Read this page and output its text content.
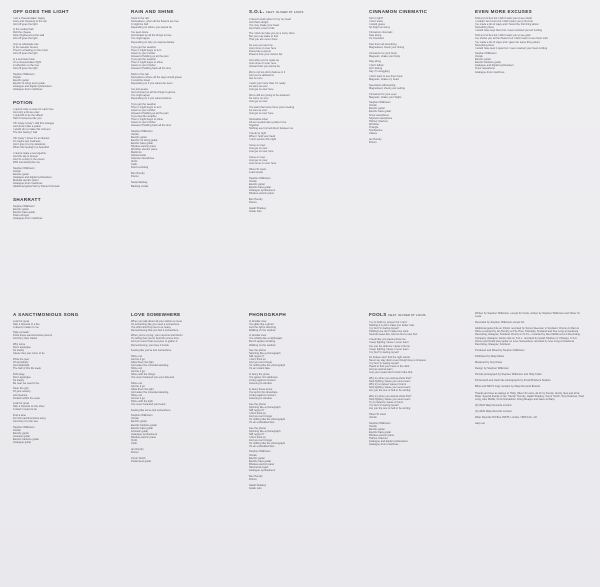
OFF GOES THE LIGHT
I am a cheesemaker, happy
Juicy and cheesing to the top
And off goes the light
In the coolest hall
Roll the cheese
Slow brightened at the wall
And off goes the light
Just so wholesale role
In the sweeter breeze
There's a floating on the moon
And off goes the light
In a summary boat
On a cheesemaker flight
A reflection on the tree
And off goes the light
Stephen Wilkinson
Vocals
Electric guitar
Electric & string tenor guitar
Analogue and digital synthesisers
Analogue drum machines
POTION
I cannot write a verse for each time
And only a bit we enter
I could lift to be the silliest
Half of someone like you
'Oh lovely, lovely' I told this stranger
And show it like a potion
I would do no make this moment
The lost feeling I had
'Oh lovely' I knew it's an illusion
Or maybe just madness
And I give it to my delusions
When this feeling's so beautiful
I cannot make a tea together
And the sky is forever
And it's a drop in the ocean
With somebody like me
Stephen Wilkinson
Vocals
Electric guitar
Analogue and digital synthesisers
Modular electric piano
Analogue drum machines
Additional guitar/ bar by Daniel Cornwell
SHARRATT
Stephen Wilkinson
Electric guitar
Electric bass guitar
Piano stringer
Analogue drum machines
RAIN AND SHINE
Cook in the rain
Somewhere, when all the flowers are free
It might be half
Depending on where you wanna be
I've seen stone
And looked up all the things to lose
You might agree
Depending on why you wanna debate
If you got the weather
Then it might begin to turn
Listen to your mother
Instead of holding up all the pain
If you got the weather
Then it might begin to shine
Listen to your brother
Instead of holding back all the time
Rock in the rain
Somewhere where all the days would gleam
It could be loved
Depending on if you wanna be seen
I've lost weeks
And counted up all the things to grieve
You might agree
Depending on if you wanna believe
If you got the weather
Then it might begin to turn
Listen to your mother
Instead of holding up all the pain
If you feel the weather
Then it might begin to shine
Listen to your brother
Instead of holding back all the time
Stephen Wilkinson
Vocals
Electric guitar
Electric 12 string guitar
Electric bass guitar
Rhodes electric piano
Wurlitzer electric piano
Mellotron
Glockenspiel
Soprano saxophone
Violin
Cello
Field recording

Ben Hendry
Drums

Neale Mackay
Backing vocals
S.O.L. FEAT. OLIVER ST LOUIS
It doesn't work when I'm by my head
And that's alright
You may shake your head
And that's a fact of life
The mind can take you on a merry drive
But you may wake to find
That you are never there
So even you and me
Just come on over here
Dress like a stymie
Dreams how your visions fair
And when you're made up
Just come on over here
Instead how you wanna be
We're not too old to believe in it
And you're allowed to
Get on over
I want your more than I'm ready
As sane as ever
Just get on over here
We're still too young to be detained
So come on over
Just get on over
You want that some fines you're feeling
As sure as ever
Just get on over here
Somewhat silver
All we needed was a place to be
Together
Nothing ever turned direct between us
It feels so right
When I hold your hand
I can't survive this night
Come on over
Just get on over
Just get on over here
Come on over
Just get on over
Just come on over here
Oliver St Louis
Lead vocals

Stephen Wilkinson
Vocals
Electric guitar
Electric bass guitar
Analogue synthesisers
Rhodes electric piano

Ben Hendry
Drums

Isaiah Sharkey
Guitar solo
CINNAMON CINEMATIC
Sort it right?
I don't know
I would guess
So bright so funny
Cinnamon cinematic
Stay along
It's cinematic
Sow them all something
Magnetised, check your timing
Cinnamon for your body
Magnetic, shake your body
Nag along
I don't follow
Ain't ticking
Say I'm struggling
I don't want to see them beat
Magnetic, shake my head
Spectators silhouetting
Magnetised, check your setting
Cinnamon for your eyes
Magnetic, shake your thighs
Stephen Wilkinson
Vocals
Electric guitar
Electric bass guitar
Tenor saxophone
Soprano saxophone
Hohner Clavinet
Wurlitzer
Triangle
Tambourine
Claves

Ian Hendry
Drums
EVEN MORE EXCUSES
Told a lot of lies but I didn't want you to see doubt
I couldn't let it burn but I didn't want you to find out
I've made a list of ways and I found the first thing about
Something there
I would have kept them but I never wanted you left smiling
Told a lot of lies but I didn't want you to see gold
I've shown you all the flowers but I didn't want to see them sold
I've made a list of ways and I gave the same thing about
Something there
I would have kept it quiet but I never wanted your heart smiling
Stephen Wilkinson
Vocals
Electric guitar
Electric baritone guitar
Analogue and digital synthesisers
Tenor saxophone
Analogue drum machines
A SANCTIMONIOUS SONG
Look for great
Skin a firework or a fire
It doesn't matter to me
Take a breath
Drink these sanctimonious poems
And bury their claims
Why some
Don't apologise
So slowly
Cause they can come to be
Pride the peer
Of somebody
And diabolical
The half of this life week
Drift away
Don't apologise
So slowly
Be near we need to be
Steer the grip
Of your anxiety
And cleanse
Scratch within the seas
Look for great
Skin a firework on the shoe
It wasn't meant to be
Find a lane
For this sanctimonious song
And drop it to the sea
Stephen Wilkinson
Vocals
Electric guitar
Acoustic guitar
Electric baritone guitar
Analogue guitar
LOVE SOMEWHERE
When you talk about all your wishes to meet
It's something like you need a somewhere
You still know Holy feet it so heavy
Remembering that you feel it somewhere
When you're crying, your neurons and bloom
It's telling that you've held this scene time
And you never that everyone to gather it
Remembering, you have it inside
Feeling like you've lost somewhere
Shine out
And let it go
Allow them the light
And water the misunderstanding
Shine out
And let it go
Shine with the things
You never believed you even listened
Shine out
And let it go
Allow them the light
And water the misunderstanding
Shine out
And let it go
Shine with the light
You never believed you heard
Feeling like we've lost somewhere
Stephen Wilkinson
Vocals
Electric guitar
Electric baritone guitar
Electric bass guitar
Acoustic guitar
Analogue synthesisers
Rhodes electric piano
Violin
Cello

Ian Hendry
Drums

Conor Smith
Pedal steel guitar
PHONOGRAPH
In familiar view
You glide like a ghost
And the light's diverting
Walking on the window
In familiar view
You whistle like a nightingale
Bunch apples smoking
Walking on the window
See the phono
Spinning like a phonograph
Still regret it?
I don't think so
And you can't forget
It's nothing like the phonograph
It's an instant fake
In fancy fire prose
You gamer into darkness
A harp against moment
Listening to window
In fancy these tunes
You sprint into timeshare
A harp against moment
Listening to window
See the phono
Spinning like a phonograph
Still regret it?
I don't think so
And you can't forget
It's nothing like the phonograph
It's an embedded face
See the phono
Spinning like a phonograph
Still regret it?
I don't think so
And you can't forget
It's nothing like the phonograph
It's an embedded face
Stephen Wilkinson
Vocals
Electric guitar
Electric bass guitar
Rhodes electric piano
Hammond organ
Analogue synthesisers

Ben Hendry
Drums

Isaiah Sharkey
Guitar solo
FOOLS FEAT. OLIVER ST LOUIS
I try to hold my temper but I can't
Starting it is don't make one better man
I try but I'm feeling myself
Holding love don't make love work
Sounds sweet like cold ice find a new hurt
It feels like you wanna show me
I keep fighting 'cause I never learn
Are you the defence 'cause it burns
I keep fighting 'cause I never learn
I try but I'm feeling myself
So broken can't find the right words
Never we stay down even though love is timeless
I try but I'm feeling myself
Heard to find your heart in the dark
And we wanna learn
Just your meant don't know it like that
Why try when you wanna shoot first?
Stop fighting 'cause you never learn
Why try to defeat 'cause it burns
Stop fighting 'cause you never learn
Are you the one to hell or be sorting
Why try when you wanna shoot first?
Stop fighting 'cause you never learn
Try to defence 'cause it burns
I try but I'm feeling myself
Are you the one to hell or be sorting
Oliver St Louis
Vocals

Stephen Wilkinson
Vocals
Electric guitar
Electric bass guitar
Rhodes electric piano
Hohner Clavinet
Analogue and digital synthesisers
Analogue drum machines

Written by Stephen Wilkinson, except for Fools, written by Stephen Wilkinson and Oliver St Louis.

Recorded by Stephen Wilkinson except for:

Additional guitar bits on Potion recorded by Simon Gleeman in Scotland. Drums on Rain & Shine recorded by Ian Hendry at The Hive, Kirkcaldy, Scotland and Sue Long at Gardenia Recording, Glasgow, Scotland. Drums on S.O.L. recorded by Alex Moffat at Lo-fi Recording Company, Glasgow. Guitar solo on S.O.L. recorded by Isaiah Sharkey in Chicago, U.S.A. Drums and Pedal steel guitar on Love Somewhere recorded by Ivan Long at Gardenia Recording, Glasgow, Scotland.

Produced and Mixed by Stephen Wilkinson

Published by Warp Music

Mastered by Guy Davie

Design by Stephen Wilkinson

Portrait photograph by Stephen Wilkinson and Holly Fuller

Portsmouth and track title photographs by Frank Brothers Studios

Bibio and Will Hi rings remains by Warp Records Brands.

Thanks and love as always to Holly, Oliver St Louis, all of my friends, family, fans and all at Warp. Special thanks to Ian "Vandy" Hendry, Isaiah Sharkey, Conor Smith, Tony Dudman, Paul Long, Alex Moffat, Chris Donaldson, Doug Meagre and Dave at Warp.

(P) 2022 Warp Records Limited

(C) 2022 Warp Records Limited

Warp Records PO Box 25378, London, NW5 1GL, UK

warp.net
